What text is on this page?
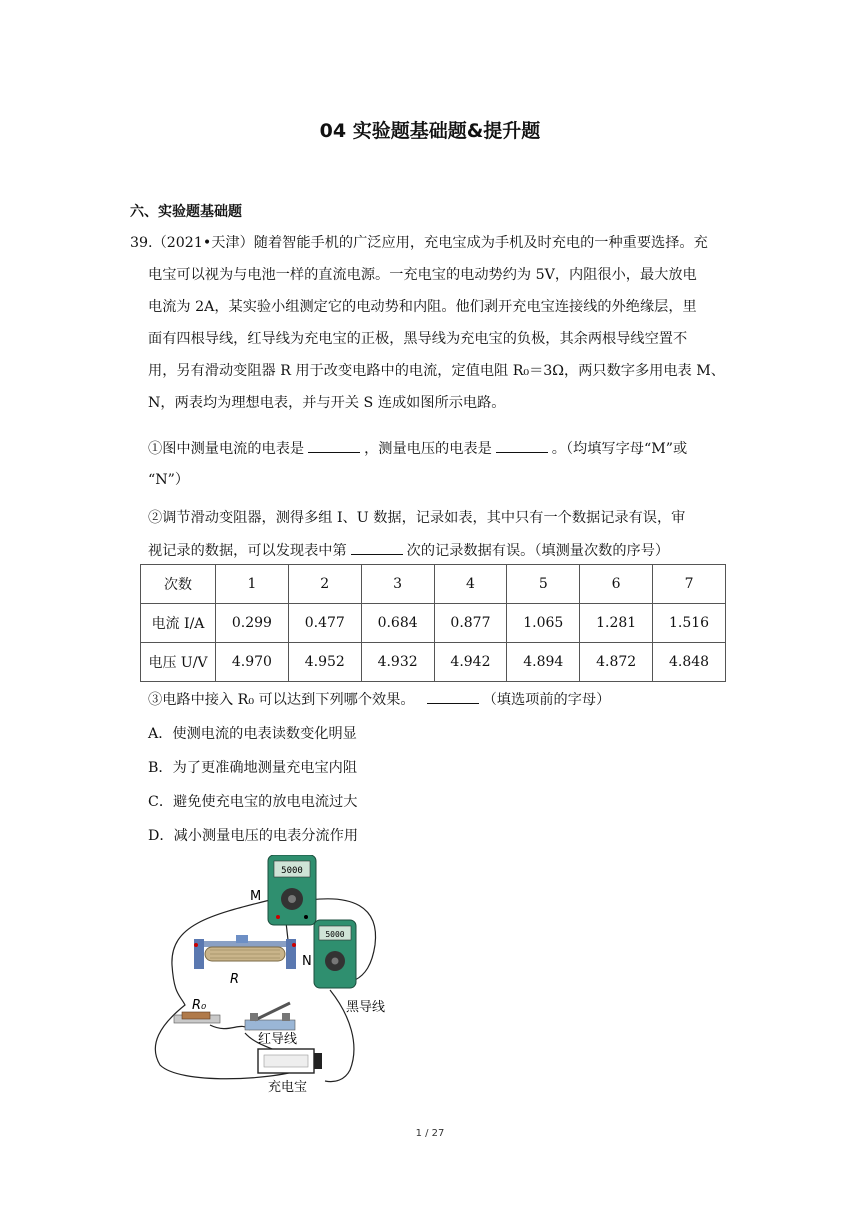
04 实验题基础题&提升题
六、实验题基础题
39.（2021•天津）随着智能手机的广泛应用，充电宝成为手机及时充电的一种重要选择。充
电宝可以视为与电池一样的直流电源。一充电宝的电动势约为 5V，内阻很小，最大放电
电流为 2A，某实验小组测定它的电动势和内阻。他们剥开充电宝连接线的外绝缘层，里
面有四根导线，红导线为充电宝的正极，黑导线为充电宝的负极，其余两根导线空置不
用，另有滑动变阻器 R 用于改变电路中的电流，定值电阻 R₀＝3Ω，两只数字多用电表 M、
N，两表均为理想电表，并与开关 S 连成如图所示电路。
①图中测量电流的电表是	，测量电压的电表是	。（均填写字母“M”或
“N”）
②调节滑动变阻器，测得多组 I、U 数据，记录如表，其中只有一个数据记录有误，审
视记录的数据，可以发现表中第	次的记录数据有误。（填测量次数的序号）
次数	1	2	3	4	5	6	7
电流 I/A	0.299	0.477	0.684	0.877	1.065	1.281	1.516
电压 U/V	4.970	4.952	4.932	4.942	4.894	4.872	4.848
③电路中接入 R₀ 可以达到下列哪个效果。	（填选项前的字母）
A．使测电流的电表读数变化明显
B．为了更准确地测量充电宝内阻
C．避免使充电宝的放电电流过大
D．减小测量电压的电表分流作用
5000
M
5000
N
R
R₀	黑导线
红导线
充电宝
1 / 27
